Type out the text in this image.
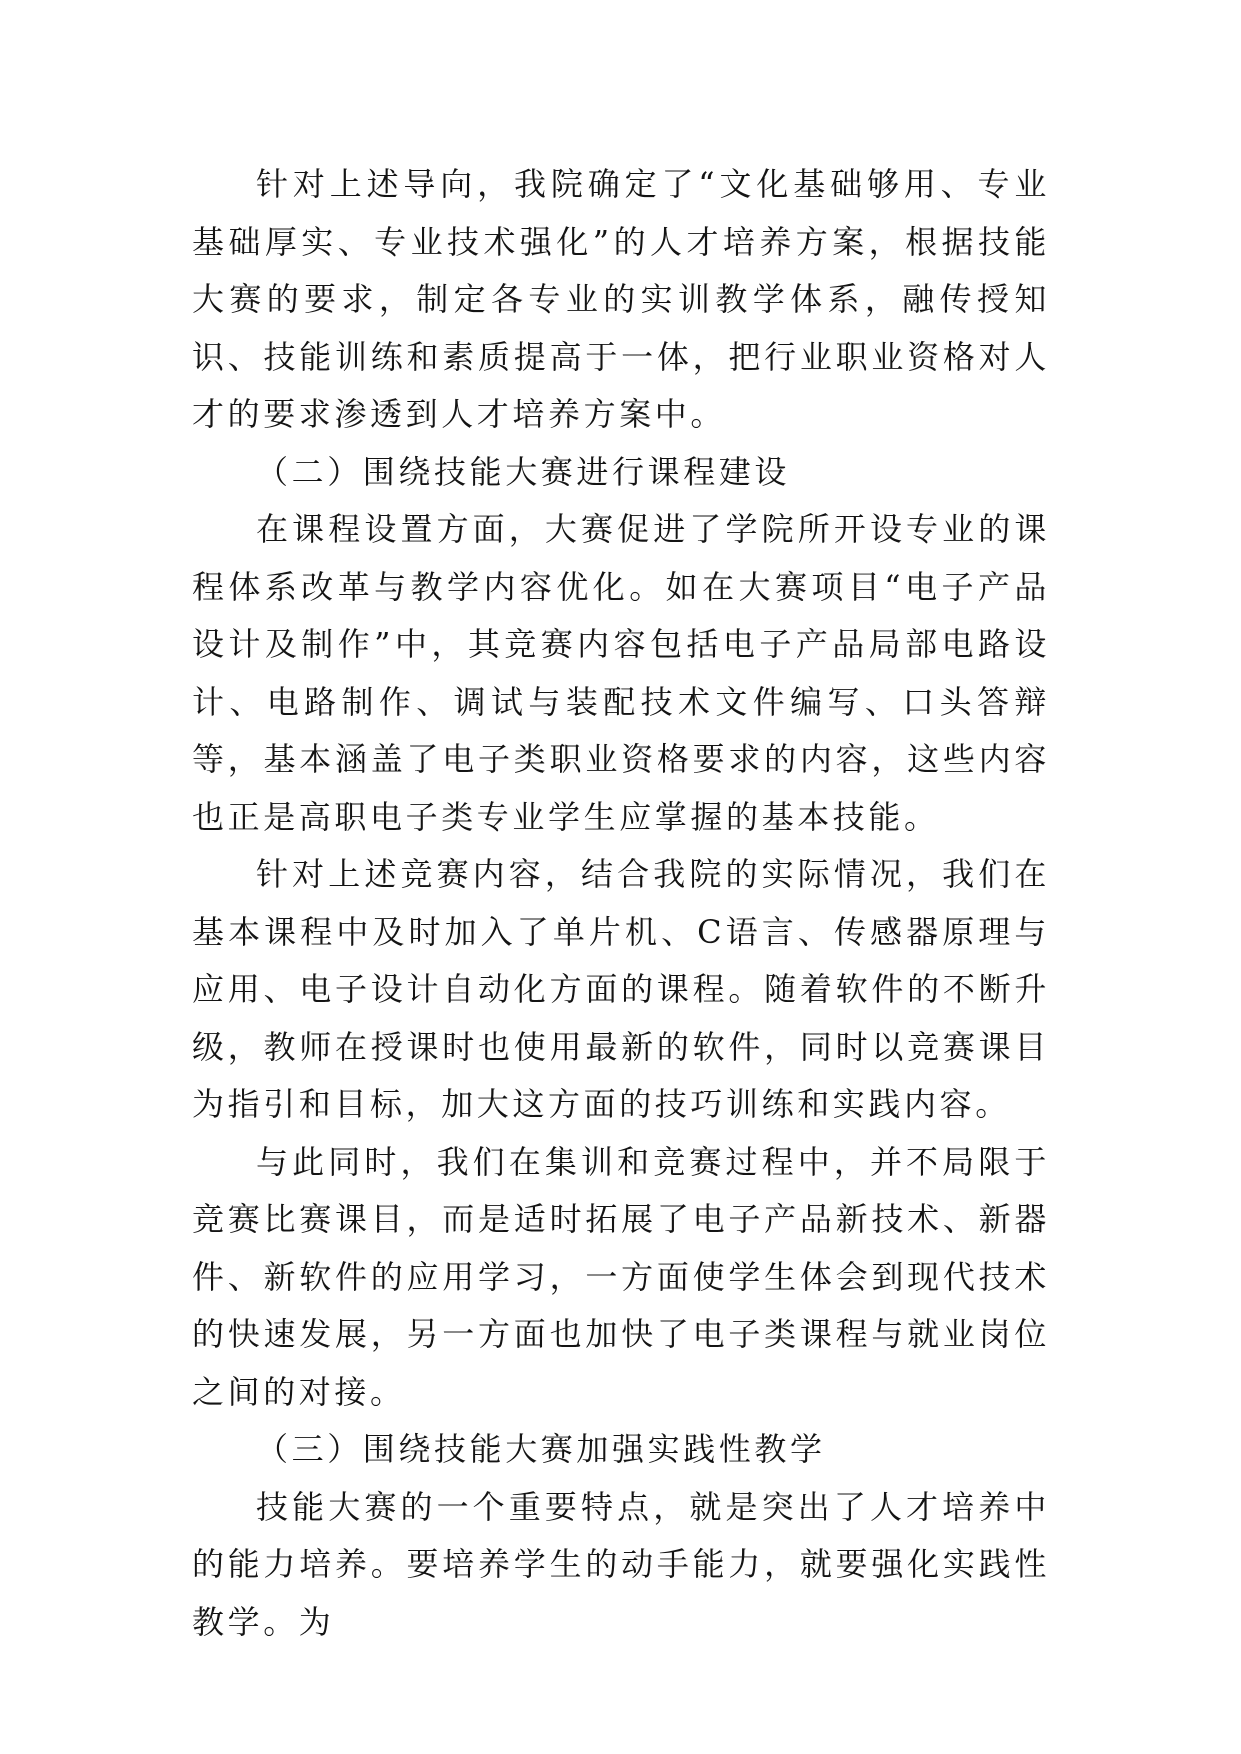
针对上述导向，我院确定了“文化基础够用、专业基础厚实、专业技术强化”的人才培养方案，根据技能大赛的要求，制定各专业的实训教学体系，融传授知识、技能训练和素质提高于一体，把行业职业资格对人才的要求渗透到人才培养方案中。

（二）围绕技能大赛进行课程建设

在课程设置方面，大赛促进了学院所开设专业的课程体系改革与教学内容优化。如在大赛项目“电子产品设计及制作”中，其竞赛内容包括电子产品局部电路设计、电路制作、调试与装配技术文件编写、口头答辩等，基本涵盖了电子类职业资格要求的内容，这些内容也正是高职电子类专业学生应掌握的基本技能。

针对上述竞赛内容，结合我院的实际情况，我们在基本课程中及时加入了单片机、C语言、传感器原理与应用、电子设计自动化方面的课程。随着软件的不断升级，教师在授课时也使用最新的软件，同时以竞赛课目为指引和目标，加大这方面的技巧训练和实践内容。

与此同时，我们在集训和竞赛过程中，并不局限于竞赛比赛课目，而是适时拓展了电子产品新技术、新器件、新软件的应用学习，一方面使学生体会到现代技术的快速发展，另一方面也加快了电子类课程与就业岗位之间的对接。

（三）围绕技能大赛加强实践性教学

技能大赛的一个重要特点，就是突出了人才培养中的能力培养。要培养学生的动手能力，就要强化实践性教学。为
